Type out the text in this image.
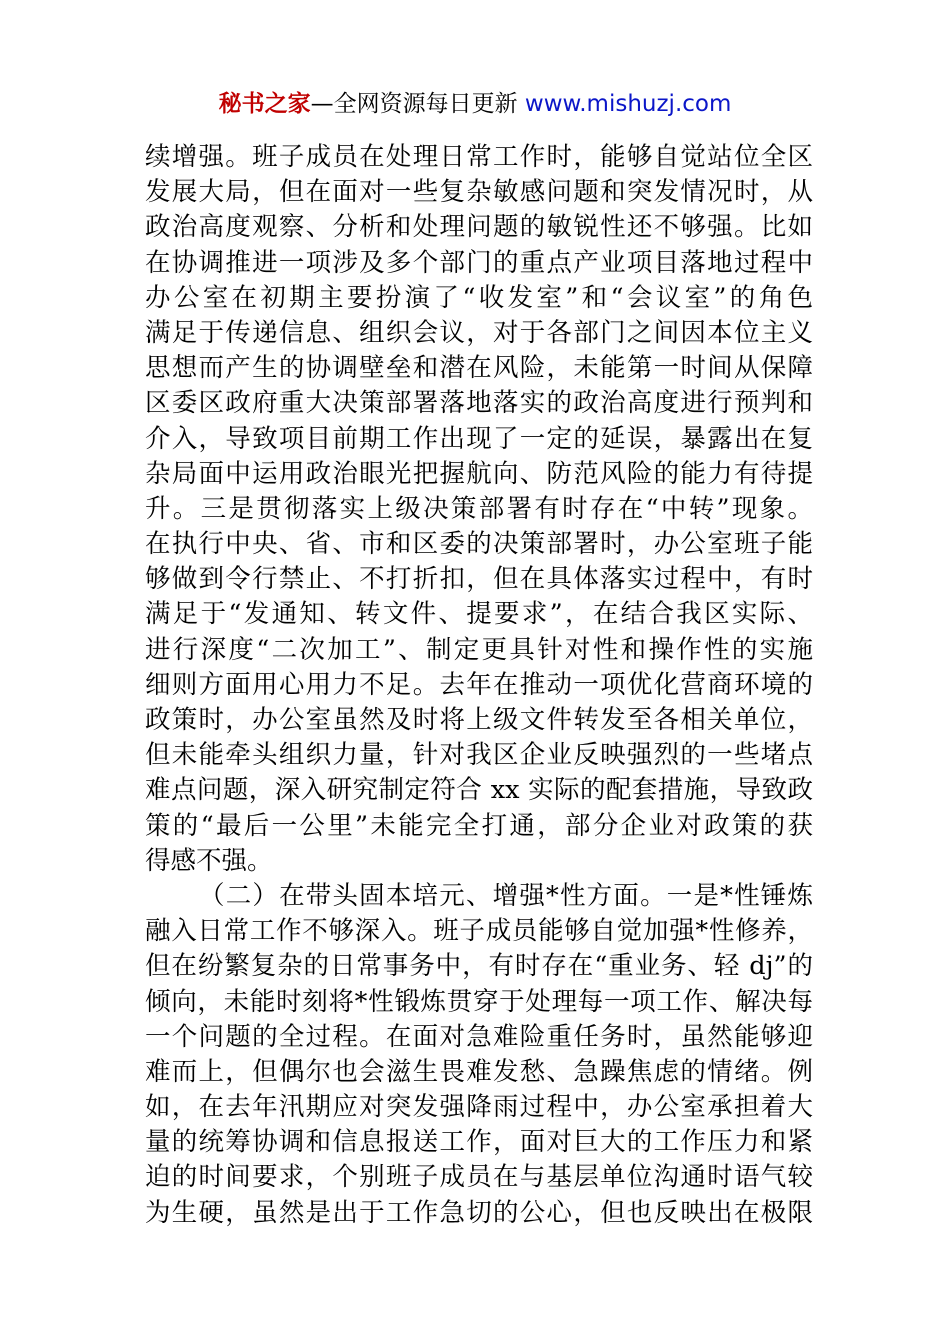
秘书之家—全网资源每日更新 www.mishuzj.com
续增强。班子成员在处理日常工作时，能够自觉站位全区
发展大局，但在面对一些复杂敏感问题和突发情况时，从
政治高度观察、分析和处理问题的敏锐性还不够强。比如
在协调推进一项涉及多个部门的重点产业项目落地过程中
办公室在初期主要扮演了“收发室”和“会议室”的角色
满足于传递信息、组织会议，对于各部门之间因本位主义
思想而产生的协调壁垒和潜在风险，未能第一时间从保障
区委区政府重大决策部署落地落实的政治高度进行预判和
介入，导致项目前期工作出现了一定的延误，暴露出在复
杂局面中运用政治眼光把握航向、防范风险的能力有待提
升。三是贯彻落实上级决策部署有时存在“中转”现象。
在执行中央、省、市和区委的决策部署时，办公室班子能
够做到令行禁止、不打折扣，但在具体落实过程中，有时
满足于“发通知、转文件、提要求”，在结合我区实际、
进行深度“二次加工”、制定更具针对性和操作性的实施
细则方面用心用力不足。去年在推动一项优化营商环境的
政策时，办公室虽然及时将上级文件转发至各相关单位，
但未能牵头组织力量，针对我区企业反映强烈的一些堵点
难点问题，深入研究制定符合 xx 实际的配套措施，导致政
策的“最后一公里”未能完全打通，部分企业对政策的获
得感不强。
（二）在带头固本培元、增强*性方面。一是*性锤炼
融入日常工作不够深入。班子成员能够自觉加强*性修养，
但在纷繁复杂的日常事务中，有时存在“重业务、轻 dj”的
倾向，未能时刻将*性锻炼贯穿于处理每一项工作、解决每
一个问题的全过程。在面对急难险重任务时，虽然能够迎
难而上，但偶尔也会滋生畏难发愁、急躁焦虑的情绪。例
如，在去年汛期应对突发强降雨过程中，办公室承担着大
量的统筹协调和信息报送工作，面对巨大的工作压力和紧
迫的时间要求，个别班子成员在与基层单位沟通时语气较
为生硬，虽然是出于工作急切的公心，但也反映出在极限
